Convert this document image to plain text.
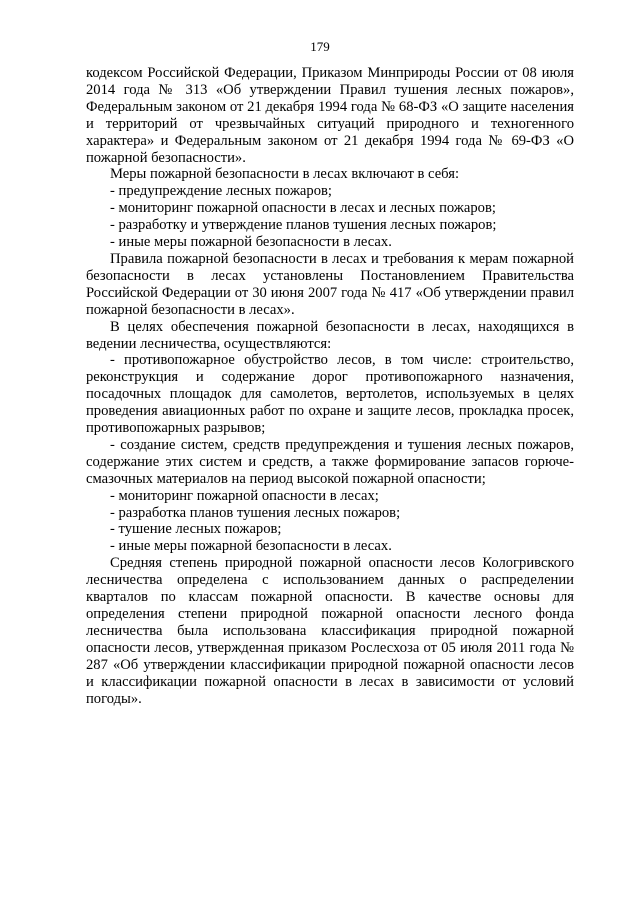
179

кодексом Российской Федерации, Приказом Минприроды России от 08 июля 2014 года № 313 «Об утверждении Правил тушения лесных пожаров», Федеральным законом от 21 декабря 1994 года № 68-ФЗ «О защите населения и территорий от чрезвычайных ситуаций природного и техногенного характера» и Федеральным законом от 21 декабря 1994 года № 69-ФЗ «О пожарной безопасности».

Меры пожарной безопасности в лесах включают в себя:

- предупреждение лесных пожаров;

- мониторинг пожарной опасности в лесах и лесных пожаров;

- разработку и утверждение планов тушения лесных пожаров;

- иные меры пожарной безопасности в лесах.

Правила пожарной безопасности в лесах и требования к мерам пожарной безопасности в лесах установлены Постановлением Правительства Российской Федерации от 30 июня 2007 года № 417 «Об утверждении правил пожарной безопасности в лесах».

В целях обеспечения пожарной безопасности в лесах, находящихся в ведении лесничества, осуществляются:

- противопожарное обустройство лесов, в том числе: строительство, реконструкция и содержание дорог противопожарного назначения, посадочных площадок для самолетов, вертолетов, используемых в целях проведения авиационных работ по охране и защите лесов, прокладка просек, противопожарных разрывов;

- создание систем, средств предупреждения и тушения лесных пожаров, содержание этих систем и средств, а также формирование запасов горюче-смазочных материалов на период высокой пожарной опасности;

- мониторинг пожарной опасности в лесах;

- разработка планов тушения лесных пожаров;

- тушение лесных пожаров;

- иные меры пожарной безопасности в лесах.

Средняя степень природной пожарной опасности лесов Кологривского лесничества определена с использованием данных о распределении кварталов по классам пожарной опасности. В качестве основы для определения степени природной пожарной опасности лесного фонда лесничества была использована классификация природной пожарной опасности лесов, утвержденная приказом Рослесхоза от 05 июля 2011 года № 287 «Об утверждении классификации природной пожарной опасности лесов и классификации пожарной опасности в лесах в зависимости от условий погоды».
